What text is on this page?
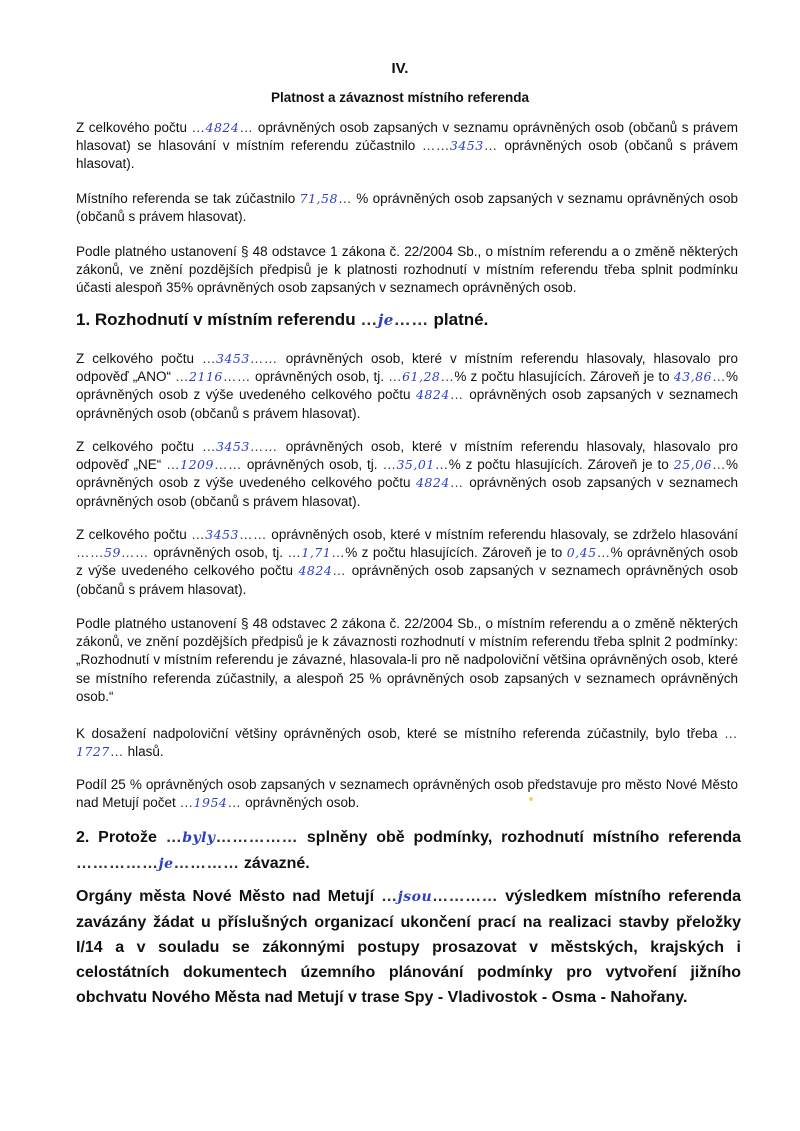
IV.
Platnost a závaznost místního referenda
Z celkového počtu …4824… oprávněných osob zapsaných v seznamu oprávněných osob (občanů s právem hlasovat) se hlasování v místním referendu zúčastnilo ……3453… oprávněných osob (občanů s právem hlasovat).
Místního referenda se tak zúčastnilo 71,58… % oprávněných osob zapsaných v seznamu oprávněných osob (občanů s právem hlasovat).
Podle platného ustanovení § 48 odstavce 1 zákona č. 22/2004 Sb., o místním referendu a o změně některých zákonů, ve znění pozdějších předpisů je k platnosti rozhodnutí v místním referendu třeba splnit podmínku účasti alespoň 35% oprávněných osob zapsaných v seznamech oprávněných osob.
1. Rozhodnutí v místním referendu …je…… platné.
Z celkového počtu …3453…… oprávněných osob, které v místním referendu hlasovaly, hlasovalo pro odpověď „ANO“ …2116…… oprávněných osob, tj. …61,28…% z počtu hlasujících. Zároveň je to 43,86…% oprávněných osob z výše uvedeného celkového počtu 4824… oprávněných osob zapsaných v seznamech oprávněných osob (občanů s právem hlasovat).
Z celkového počtu …3453…… oprávněných osob, které v místním referendu hlasovaly, hlasovalo pro odpověď „NE“ …1209…… oprávněných osob, tj. …35,01…% z počtu hlasujících. Zároveň je to 25,06…% oprávněných osob z výše uvedeného celkového počtu 4824… oprávněných osob zapsaných v seznamech oprávněných osob (občanů s právem hlasovat).
Z celkového počtu …3453…… oprávněných osob, které v místním referendu hlasovaly, se zdrželo hlasování ……59…… oprávněných osob, tj. …1,71…% z počtu hlasujících. Zároveň je to 0,45…% oprávněných osob z výše uvedeného celkového počtu 4824… oprávněných osob zapsaných v seznamech oprávněných osob (občanů s právem hlasovat).
Podle platného ustanovení § 48 odstavec 2 zákona č. 22/2004 Sb., o místním referendu a o změně některých zákonů, ve znění pozdějších předpisů je k závaznosti rozhodnutí v místním referendu třeba splnit 2 podmínky: „Rozhodnutí v místním referendu je závazné, hlasovala-li pro ně nadpoloviční většina oprávněných osob, které se místního referenda zúčastnily, a alespoň 25 % oprávněných osob zapsaných v seznamech oprávněných osob.“
K dosažení nadpoloviční většiny oprávněných osob, které se místního referenda zúčastnily, bylo třeba …1727… hlasů.
Podíl 25 % oprávněných osob zapsaných v seznamech oprávněných osob představuje pro město Nové Město nad Metují počet …1954… oprávněných osob.
2. Protože …byly…………… splněny obě podmínky, rozhodnutí místního referenda ……………je………… závazné.
Orgány města Nové Město nad Metují …jsou………… výsledkem místního referenda zavázány žádat u příslušných organizací ukončení prací na realizaci stavby přeložky I/14 a v souladu se zákonnými postupy prosazovat v městských, krajských i celostátních dokumentech územního plánování podmínky pro vytvoření jižního obchvatu Nového Města nad Metují v trase Spy - Vladivostok - Osma - Nahořany.
